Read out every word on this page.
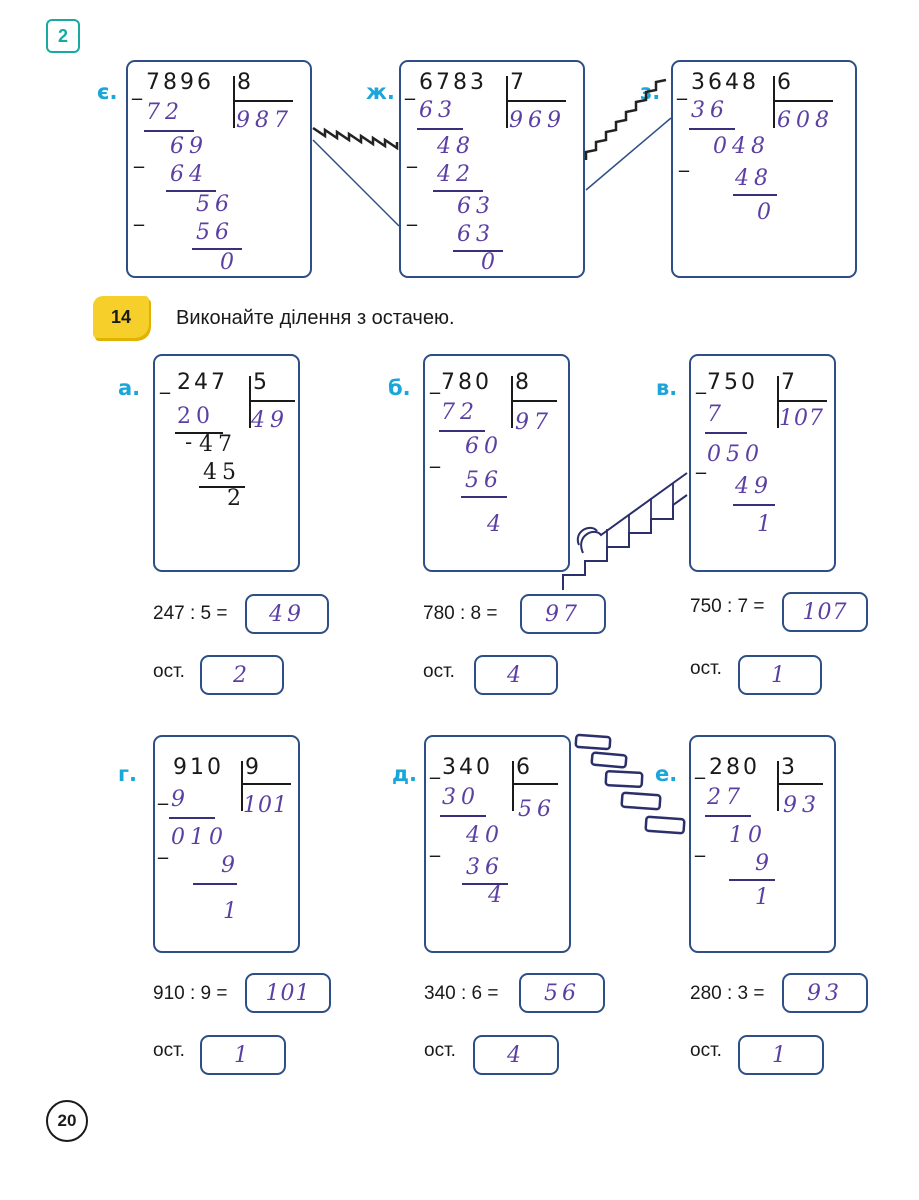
2
є. _ 7896 8
987
72
_ 69
64
_ 56
56
0
ж. _ 6783 7
969
63
_ 48
42
_ 63
63
0
з. _ 3648 6
608
36
_
048
48
0
14	Виконайте ділення з остачею.
а. _ 247 5
49
20
- 47
45
2
247 : 5 =	49
ост.	2
б. _ 780 8
97
72
_ 60
56
4
780 : 8 =	97
ост.	4
в. _ 750 7
107
7
_ 050
49
1
750 : 7 =	107
ост.	1
г. 910 9
101
_ 9
_ 010
9
1
910 : 9 =	101
ост.	1
д. _ 340 6
56
30
_ 40
36
4
340 : 6 =	56
ост.	4
е. _ 280 3
93
27
_ 10
9
1
280 : 3 =	93
ост.	1
20
